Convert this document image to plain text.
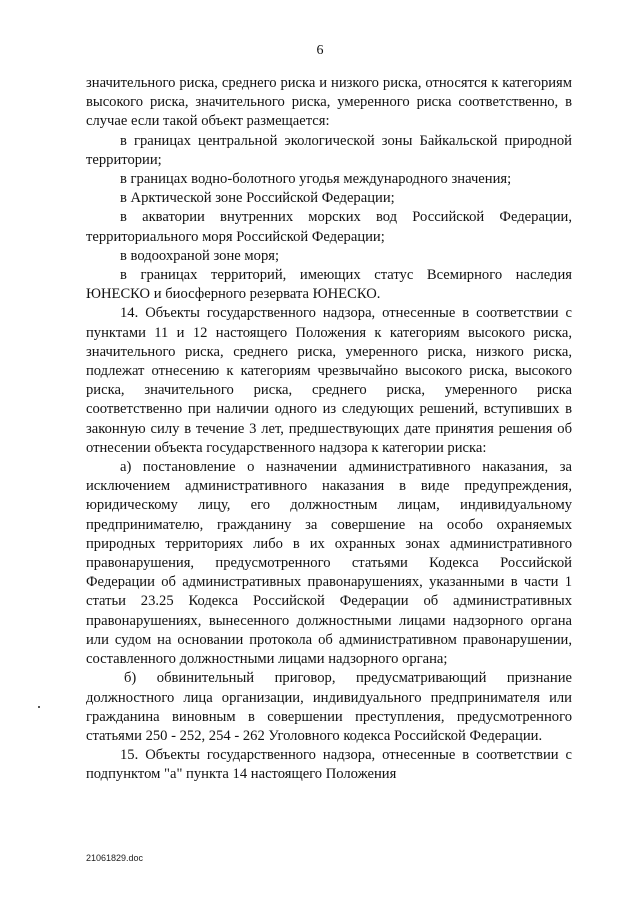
6

значительного риска, среднего риска и низкого риска, относятся к категориям высокого риска, значительного риска, умеренного риска соответственно, в случае если такой объект размещается:

в границах центральной экологической зоны Байкальской природной территории;

в границах водно-болотного угодья международного значения;

в Арктической зоне Российской Федерации;

в акватории внутренних морских вод Российской Федерации, территориального моря Российской Федерации;

в водоохраной зоне моря;

в границах территорий, имеющих статус Всемирного наследия ЮНЕСКО и биосферного резервата ЮНЕСКО.

14. Объекты государственного надзора, отнесенные в соответствии с пунктами 11 и 12 настоящего Положения к категориям высокого риска, значительного риска, среднего риска, умеренного риска, низкого риска, подлежат отнесению к категориям чрезвычайно высокого риска, высокого риска, значительного риска, среднего риска, умеренного риска соответственно при наличии одного из следующих решений, вступивших в законную силу в течение 3 лет, предшествующих дате принятия решения об отнесении объекта государственного надзора к категории риска:

а) постановление о назначении административного наказания, за исключением административного наказания в виде предупреждения, юридическому лицу, его должностным лицам, индивидуальному предпринимателю, гражданину за совершение на особо охраняемых природных территориях либо в их охранных зонах административного правонарушения, предусмотренного статьями Кодекса Российской Федерации об административных правонарушениях, указанными в части 1 статьи 23.25 Кодекса Российской Федерации об административных правонарушениях, вынесенного должностными лицами надзорного органа или судом на основании протокола об административном правонарушении, составленного должностными лицами надзорного органа;

б) обвинительный приговор, предусматривающий признание должностного лица организации, индивидуального предпринимателя или гражданина виновным в совершении преступления, предусмотренного статьями 250 - 252, 254 - 262 Уголовного кодекса Российской Федерации.

15. Объекты государственного надзора, отнесенные в соответствии с подпунктом "а" пункта 14 настоящего Положения

21061829.doc
